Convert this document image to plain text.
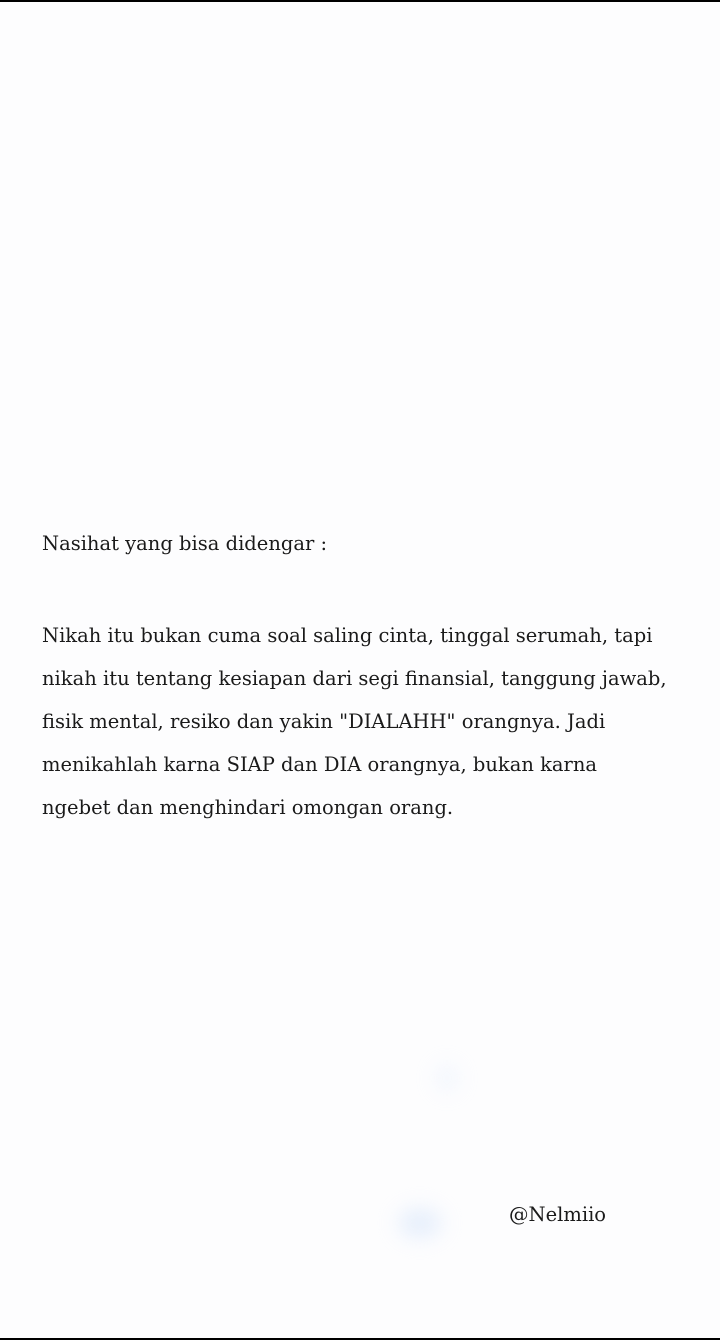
Nasihat yang bisa didengar :

Nikah itu bukan cuma soal saling cinta, tinggal serumah, tapi
nikah itu tentang kesiapan dari segi finansial, tanggung jawab,
fisik mental, resiko dan yakin "DIALAHH" orangnya. Jadi
menikahlah karna SIAP dan DIA orangnya, bukan karna
ngebet dan menghindari omongan orang.

@Nelmiio
